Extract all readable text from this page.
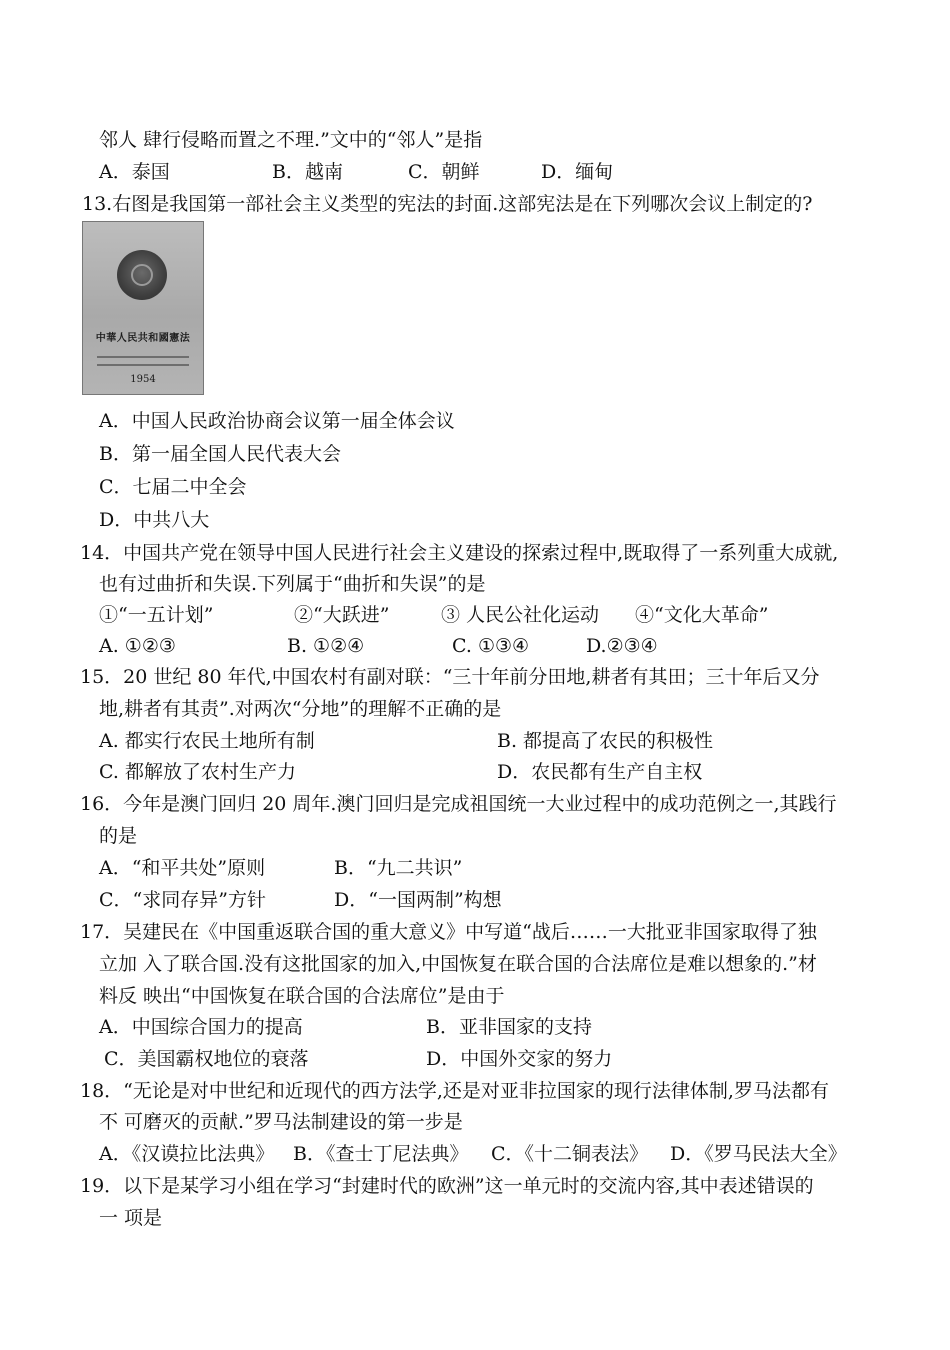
邻人 肆行侵略而置之不理.”文中的“邻人”是指
A．泰国	B．越南	C．朝鲜	D．缅甸
13.右图是我国第一部社会主义类型的宪法的封面.这部宪法是在下列哪次会议上制定的?
中華人民共和國憲法
1954
A．中国人民政治协商会议第一届全体会议
B．第一届全国人民代表大会
C．七届二中全会
D．中共八大
14．中国共产党在领导中国人民进行社会主义建设的探索过程中,既取得了一系列重大成就,
也有过曲折和失误.下列属于“曲折和失误”的是
①“一五计划”	②“大跃进”	③ 人民公社化运动 ④“文化大革命”
A. ①②③	B. ①②④	C. ①③④	D.②③④
15．20 世纪 80 年代,中国农村有副对联：“三十年前分田地,耕者有其田；三十年后又分
地,耕者有其责”.对两次“分地”的理解不正确的是
A. 都实行农民土地所有制	B. 都提高了农民的积极性
C. 都解放了农村生产力	D．农民都有生产自主权
16．今年是澳门回归 20 周年.澳门回归是完成祖国统一大业过程中的成功范例之一,其践行
的是
A．“和平共处”原则	B．“九二共识”
C．“求同存异”方针	D．“一国两制”构想
17．吴建民在《中国重返联合国的重大意义》中写道“战后……一大批亚非国家取得了独
立加 入了联合国.没有这批国家的加入,中国恢复在联合国的合法席位是难以想象的.”材
料反 映出“中国恢复在联合国的合法席位”是由于
A．中国综合国力的提高	B．亚非国家的支持
C．美国霸权地位的衰落	D．中国外交家的努力
18．“无论是对中世纪和近现代的西方法学,还是对亚非拉国家的现行法律体制,罗马法都有
不 可磨灭的贡献.”罗马法制建设的第一步是
A．《汉谟拉比法典》 B．《查士丁尼法典》 C．《十二铜表法》 D．《罗马民法大全》
19．以下是某学习小组在学习“封建时代的欧洲”这一单元时的交流内容,其中表述错误的
一 项是
